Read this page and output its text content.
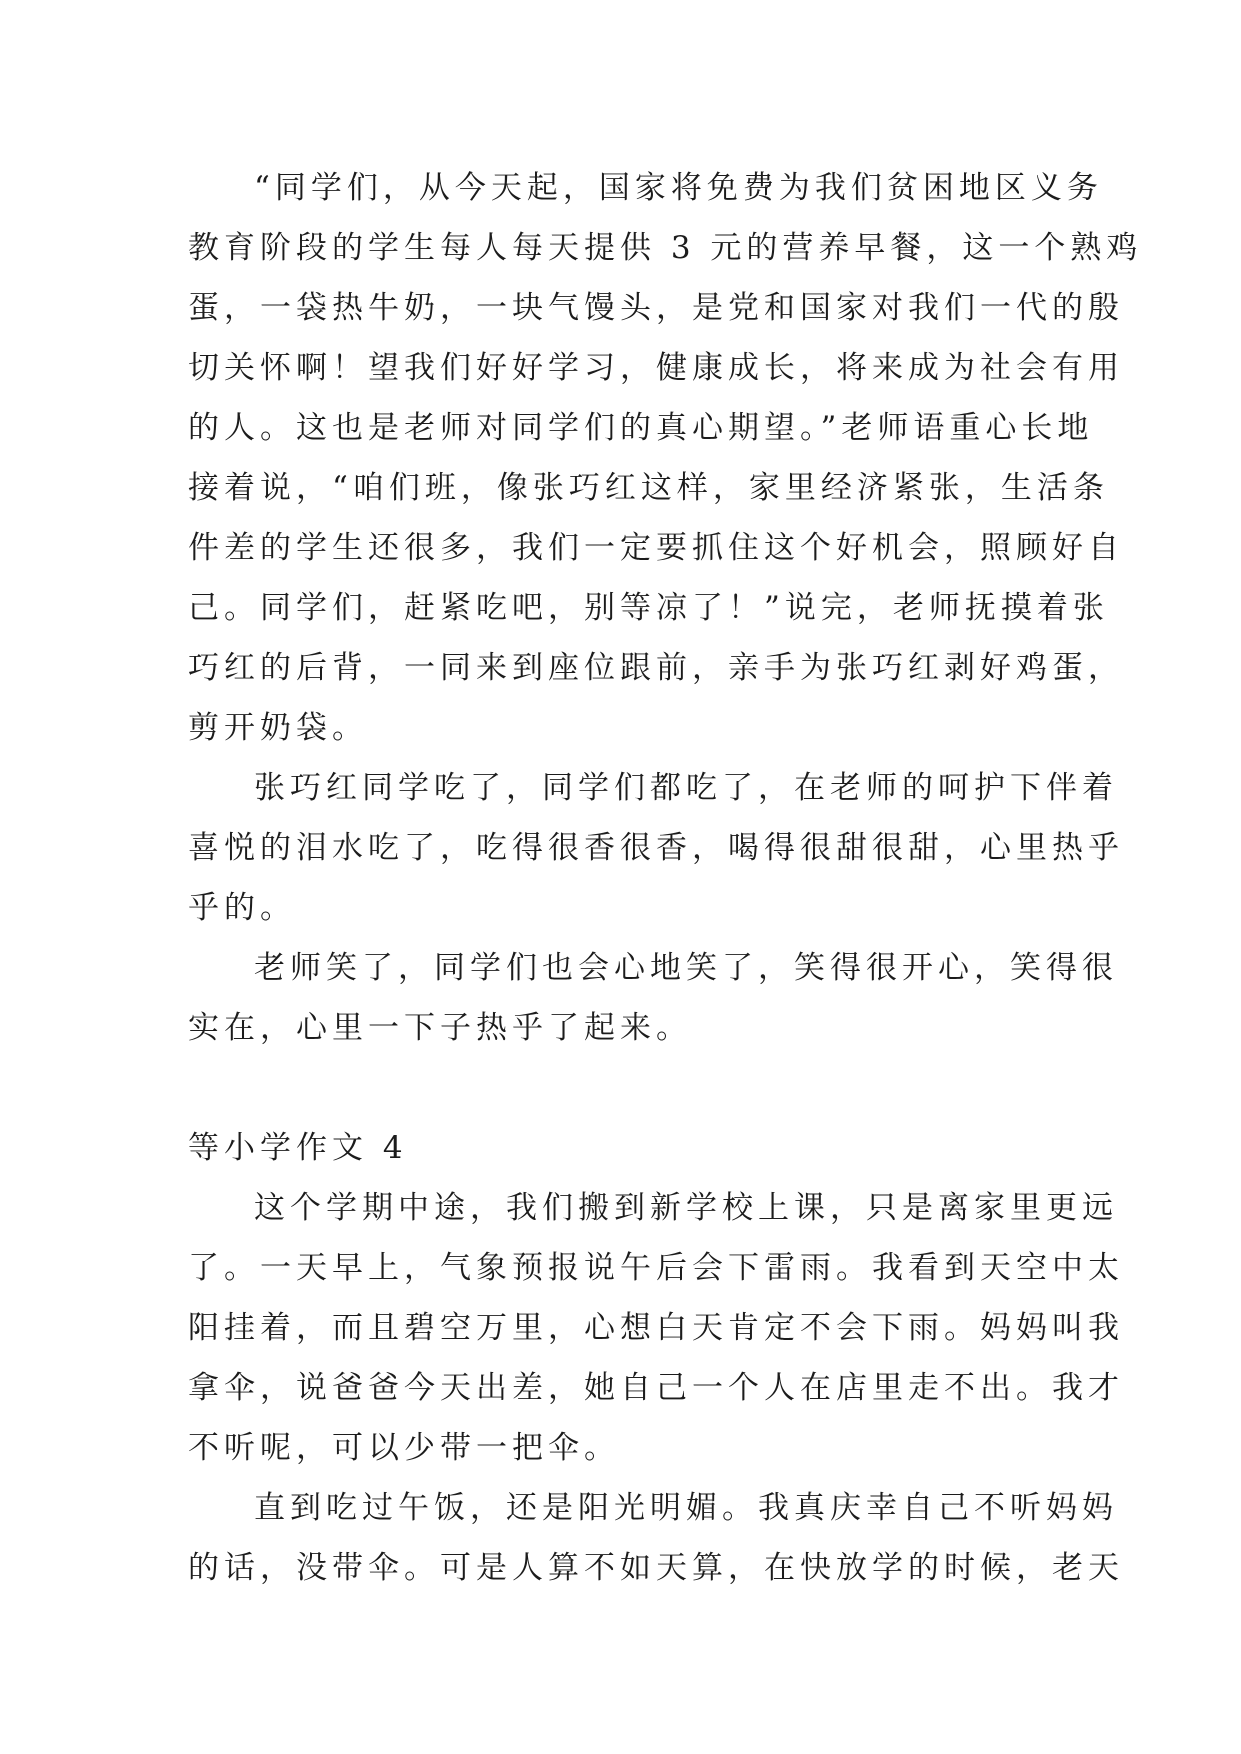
“同学们，从今天起，国家将免费为我们贫困地区义务
教育阶段的学生每人每天提供 3 元的营养早餐，这一个熟鸡
蛋，一袋热牛奶，一块气馒头，是党和国家对我们一代的殷
切关怀啊！望我们好好学习，健康成长，将来成为社会有用
的人。这也是老师对同学们的真心期望。”老师语重心长地
接着说，“咱们班，像张巧红这样，家里经济紧张，生活条
件差的学生还很多，我们一定要抓住这个好机会，照顾好自
己。同学们，赶紧吃吧，别等凉了！”说完，老师抚摸着张
巧红的后背，一同来到座位跟前，亲手为张巧红剥好鸡蛋，
剪开奶袋。
张巧红同学吃了，同学们都吃了，在老师的呵护下伴着
喜悦的泪水吃了，吃得很香很香，喝得很甜很甜，心里热乎
乎的。
老师笑了，同学们也会心地笑了，笑得很开心，笑得很
实在，心里一下子热乎了起来。
等小学作文 4
这个学期中途，我们搬到新学校上课，只是离家里更远
了。一天早上，气象预报说午后会下雷雨。我看到天空中太
阳挂着，而且碧空万里，心想白天肯定不会下雨。妈妈叫我
拿伞，说爸爸今天出差，她自己一个人在店里走不出。我才
不听呢，可以少带一把伞。
直到吃过午饭，还是阳光明媚。我真庆幸自己不听妈妈
的话，没带伞。可是人算不如天算，在快放学的时候，老天
